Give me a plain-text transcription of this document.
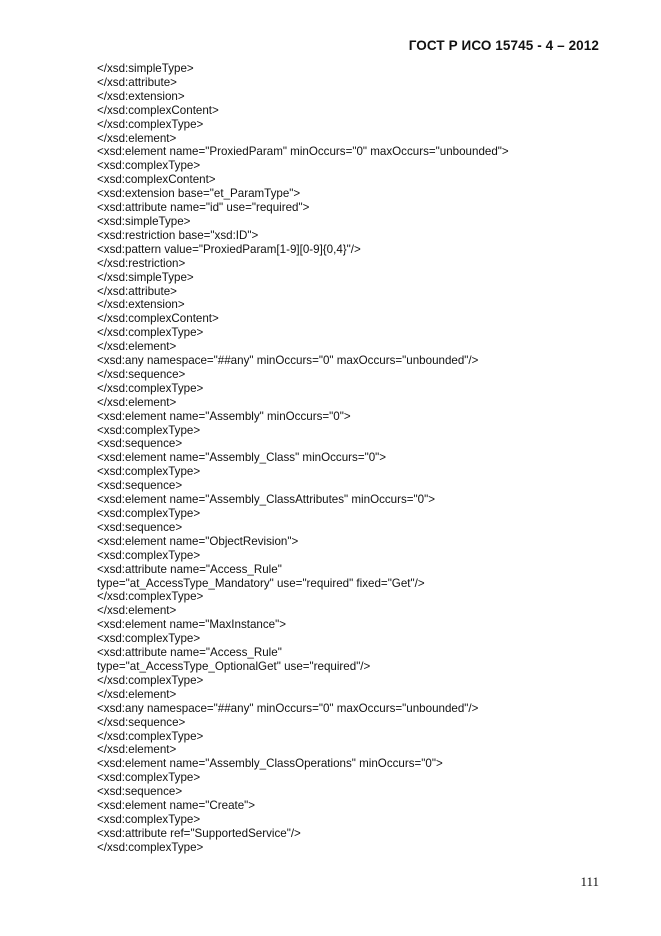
ГОСТ Р ИСО 15745 - 4 – 2012
</xsd:simpleType>
</xsd:attribute>
</xsd:extension>
</xsd:complexContent>
</xsd:complexType>
</xsd:element>
<xsd:element name="ProxiedParam" minOccurs="0" maxOccurs="unbounded">
<xsd:complexType>
<xsd:complexContent>
<xsd:extension base="et_ParamType">
<xsd:attribute name="id" use="required">
<xsd:simpleType>
<xsd:restriction base="xsd:ID">
<xsd:pattern value="ProxiedParam[1-9][0-9]{0,4}"/>
</xsd:restriction>
</xsd:simpleType>
</xsd:attribute>
</xsd:extension>
</xsd:complexContent>
</xsd:complexType>
</xsd:element>
<xsd:any namespace="##any" minOccurs="0" maxOccurs="unbounded"/>
</xsd:sequence>
</xsd:complexType>
</xsd:element>
<xsd:element name="Assembly" minOccurs="0">
<xsd:complexType>
<xsd:sequence>
<xsd:element name="Assembly_Class" minOccurs="0">
<xsd:complexType>
<xsd:sequence>
<xsd:element name="Assembly_ClassAttributes" minOccurs="0">
<xsd:complexType>
<xsd:sequence>
<xsd:element name="ObjectRevision">
<xsd:complexType>
<xsd:attribute name="Access_Rule"
type="at_AccessType_Mandatory" use="required" fixed="Get"/>
</xsd:complexType>
</xsd:element>
<xsd:element name="MaxInstance">
<xsd:complexType>
<xsd:attribute name="Access_Rule"
type="at_AccessType_OptionalGet" use="required"/>
</xsd:complexType>
</xsd:element>
<xsd:any namespace="##any" minOccurs="0" maxOccurs="unbounded"/>
</xsd:sequence>
</xsd:complexType>
</xsd:element>
<xsd:element name="Assembly_ClassOperations" minOccurs="0">
<xsd:complexType>
<xsd:sequence>
<xsd:element name="Create">
<xsd:complexType>
<xsd:attribute ref="SupportedService"/>
</xsd:complexType>
111
